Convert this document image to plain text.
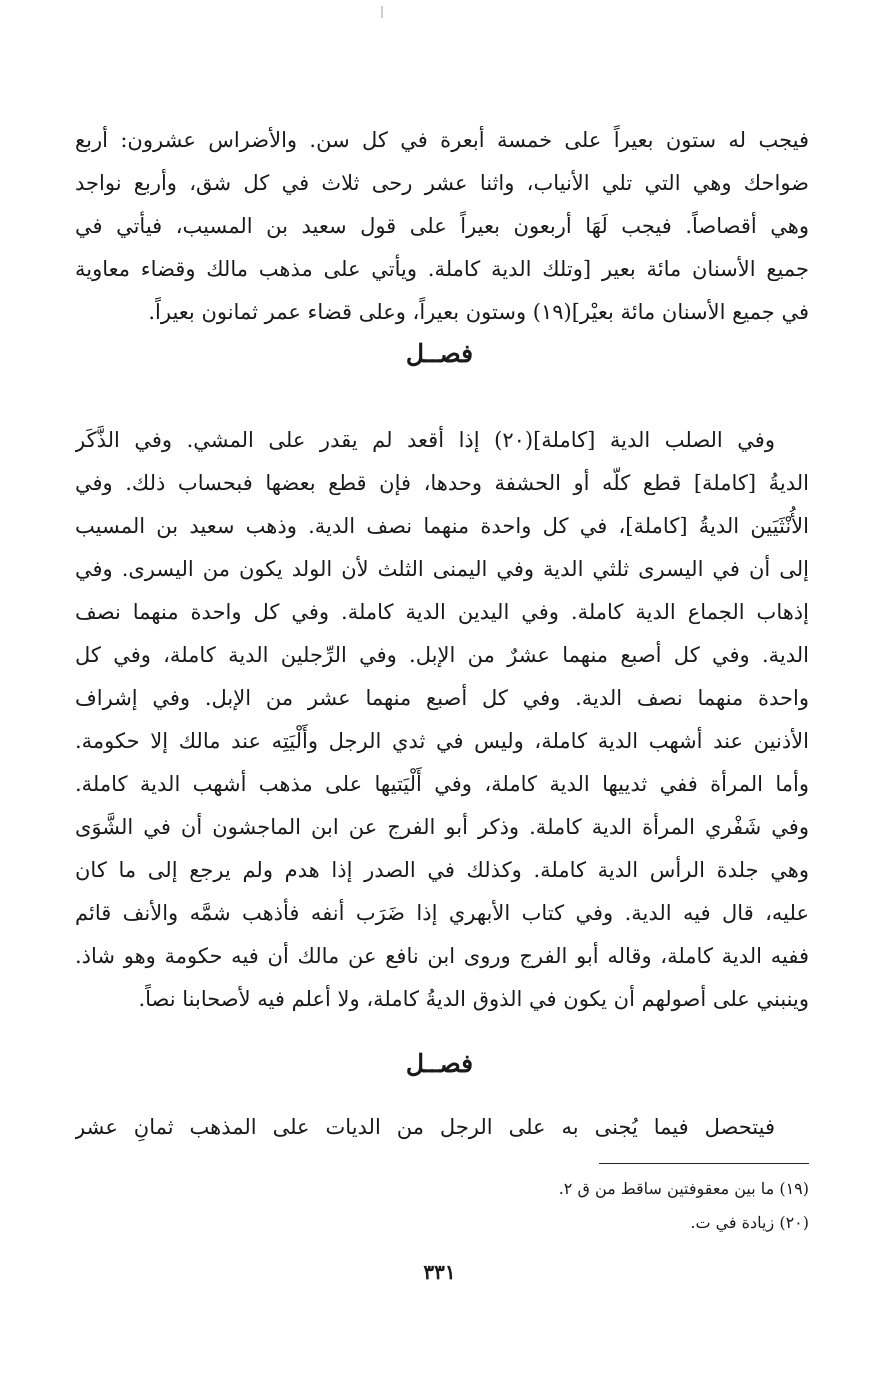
فيجب له ستون بعيراً على خمسة أبعرة في كل سن. والأضراس عشرون: أربع
ضواحك وهي التي تلي الأنياب، واثنا عشر رحى ثلاث في كل شق، وأربع نواجد
وهي أقصاصاً. فيجب لَهَا أربعون بعيراً على قول سعيد بن المسيب، فيأتي في
جميع الأسنان مائة بعير [وتلك الدية كاملة. ويأتي على مذهب مالك وقضاء معاوية
في جميع الأسنان مائة بعيْر](١٩) وستون بعيراً، وعلى قضاء عمر ثمانون بعيراً.
فصــل
وفي الصلب الدية [كاملة](٢٠) إذا أقعد لم يقدر على المشي. وفي الذَّكَر
الديةُ [كاملة] قطع كلّه أو الحشفة وحدها، فإن قطع بعضها فبحساب ذلك. وفي
الأُنْثَيَين الديةُ [كاملة]، في كل واحدة منهما نصف الدية. وذهب سعيد بن المسيب
إلى أن في اليسرى ثلثي الدية وفي اليمنى الثلث لأن الولد يكون من اليسرى. وفي
إذهاب الجماع الدية كاملة. وفي اليدين الدية كاملة. وفي كل واحدة منهما نصف
الدية. وفي كل أصبع منهما عشرٌ من الإبل. وفي الرِّجلين الدية كاملة، وفي كل
واحدة منهما نصف الدية. وفي كل أصبع منهما عشر من الإبل. وفي إشراف
الأذنين عند أشهب الدية كاملة، وليس في ثدي الرجل وأَلْيَتِه عند مالك إلا حكومة.
وأما المرأة ففي ثدييها الدية كاملة، وفي أَلْيَتيها على مذهب أشهب الدية كاملة.
وفي شَفْري المرأة الدية كاملة. وذكر أبو الفرج عن ابن الماجشون أن في الشَّوَى
وهي جلدة الرأس الدية كاملة. وكذلك في الصدر إذا هدم ولم يرجع إلى ما كان
عليه، قال فيه الدية. وفي كتاب الأبهري إذا ضَرَب أنفه فأذهب شمَّه والأنف قائم
ففيه الدية كاملة، وقاله أبو الفرج وروى ابن نافع عن مالك أن فيه حكومة وهو شاذ.
وينبني على أصولهم أن يكون في الذوق الديةُ كاملة، ولا أعلم فيه لأصحابنا نصاً.
فصــل
فيتحصل فيما يُجنى به على الرجل من الديات على المذهب ثمانِ عشر
(١٩) ما بين معقوفتين ساقط من ق ٢.
(٢٠) زيادة في ت.
٣٣١
